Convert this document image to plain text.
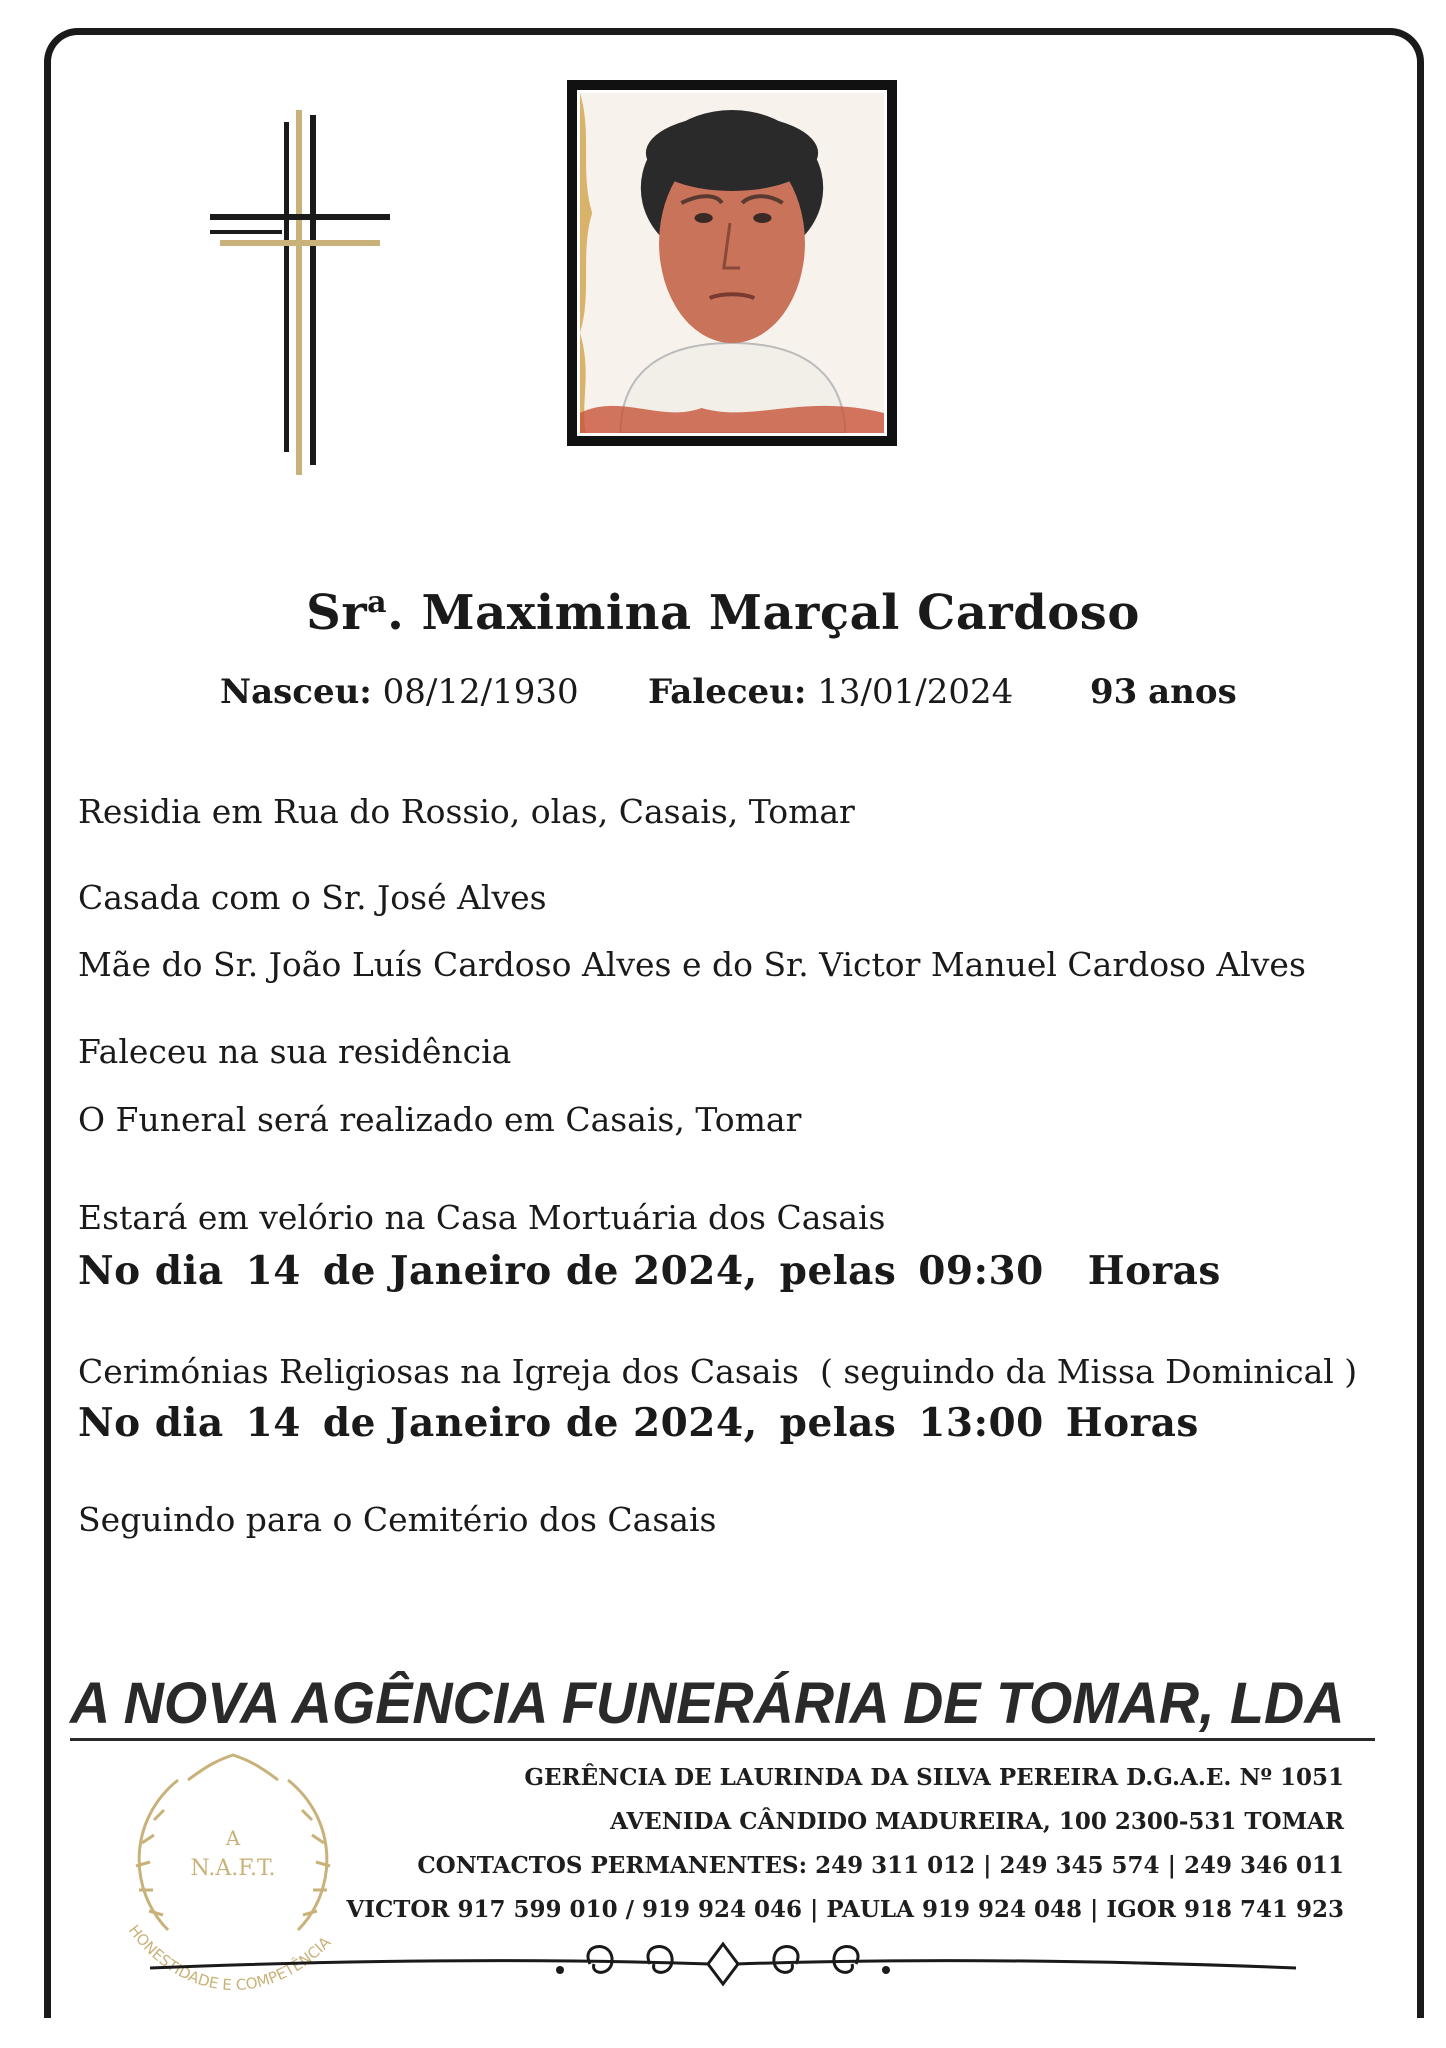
Sr$^a$. Maximina Marçal Cardoso
Nasceu: 08/12/1930 Faleceu: 13/01/2024 93 anos
Residia em Rua do Rossio, olas, Casais, Tomar
Casada com o Sr. José Alves
Mãe do Sr. João Luís Cardoso Alves e do Sr. Victor Manuel Cardoso Alves
Faleceu na sua residência
O Funeral será realizado em Casais, Tomar
Estará em velório na Casa Mortuária dos Casais
No dia 14 de Janeiro de 2024, pelas 09:30 Horas
Cerimónias Religiosas na Igreja dos Casais ( seguindo da Missa Dominical )
No dia 14 de Janeiro de 2024, pelas 13:00 Horas
Seguindo para o Cemitério dos Casais
A NOVA AGÊNCIA FUNERÁRIA DE TOMAR, LDA
A
N.A.F.T.
HONESTIDADE E COMPETÊNCIA
GERÊNCIA DE LAURINDA DA SILVA PEREIRA D.G.A.E. Nº 1051
AVENIDA CÂNDIDO MADUREIRA, 100 2300-531 TOMAR
CONTACTOS PERMANENTES: 249 311 012 | 249 345 574 | 249 346 011
VICTOR 917 599 010 / 919 924 046 | PAULA 919 924 048 | IGOR 918 741 923
